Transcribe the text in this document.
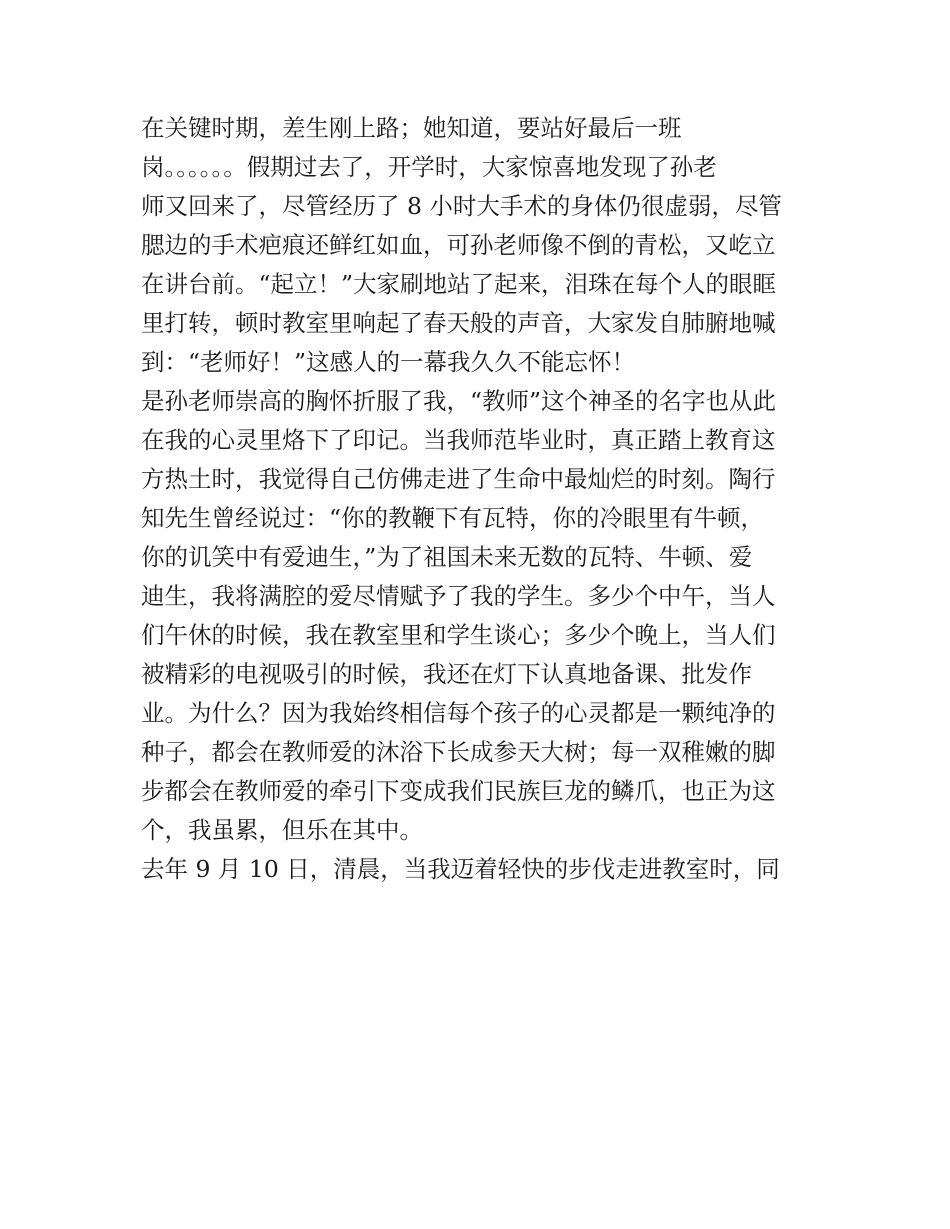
在关键时期，差生刚上路；她知道，要站好最后一班
岗。。。。。。假期过去了，开学时，大家惊喜地发现了孙老
师又回来了，尽管经历了 8 小时大手术的身体仍很虚弱，尽管
腮边的手术疤痕还鲜红如血，可孙老师像不倒的青松，又屹立
在讲台前。“起立！”大家刷地站了起来，泪珠在每个人的眼眶
里打转，顿时教室里响起了春天般的声音，大家发自肺腑地喊
到：“老师好！”这感人的一幕我久久不能忘怀！
是孙老师崇高的胸怀折服了我，“教师”这个神圣的名字也从此
在我的心灵里烙下了印记。当我师范毕业时，真正踏上教育这
方热土时，我觉得自己仿佛走进了生命中最灿烂的时刻。陶行
知先生曾经说过：“你的教鞭下有瓦特，你的冷眼里有牛顿，
你的讥笑中有爱迪生，”为了祖国未来无数的瓦特、牛顿、爱
迪生，我将满腔的爱尽情赋予了我的学生。多少个中午，当人
们午休的时候，我在教室里和学生谈心；多少个晚上，当人们
被精彩的电视吸引的时候，我还在灯下认真地备课、批发作
业。为什么？因为我始终相信每个孩子的心灵都是一颗纯净的
种子，都会在教师爱的沐浴下长成参天大树；每一双稚嫩的脚
步都会在教师爱的牵引下变成我们民族巨龙的鳞爪，也正为这
个，我虽累，但乐在其中。
去年 9 月 10 日，清晨，当我迈着轻快的步伐走进教室时，同
